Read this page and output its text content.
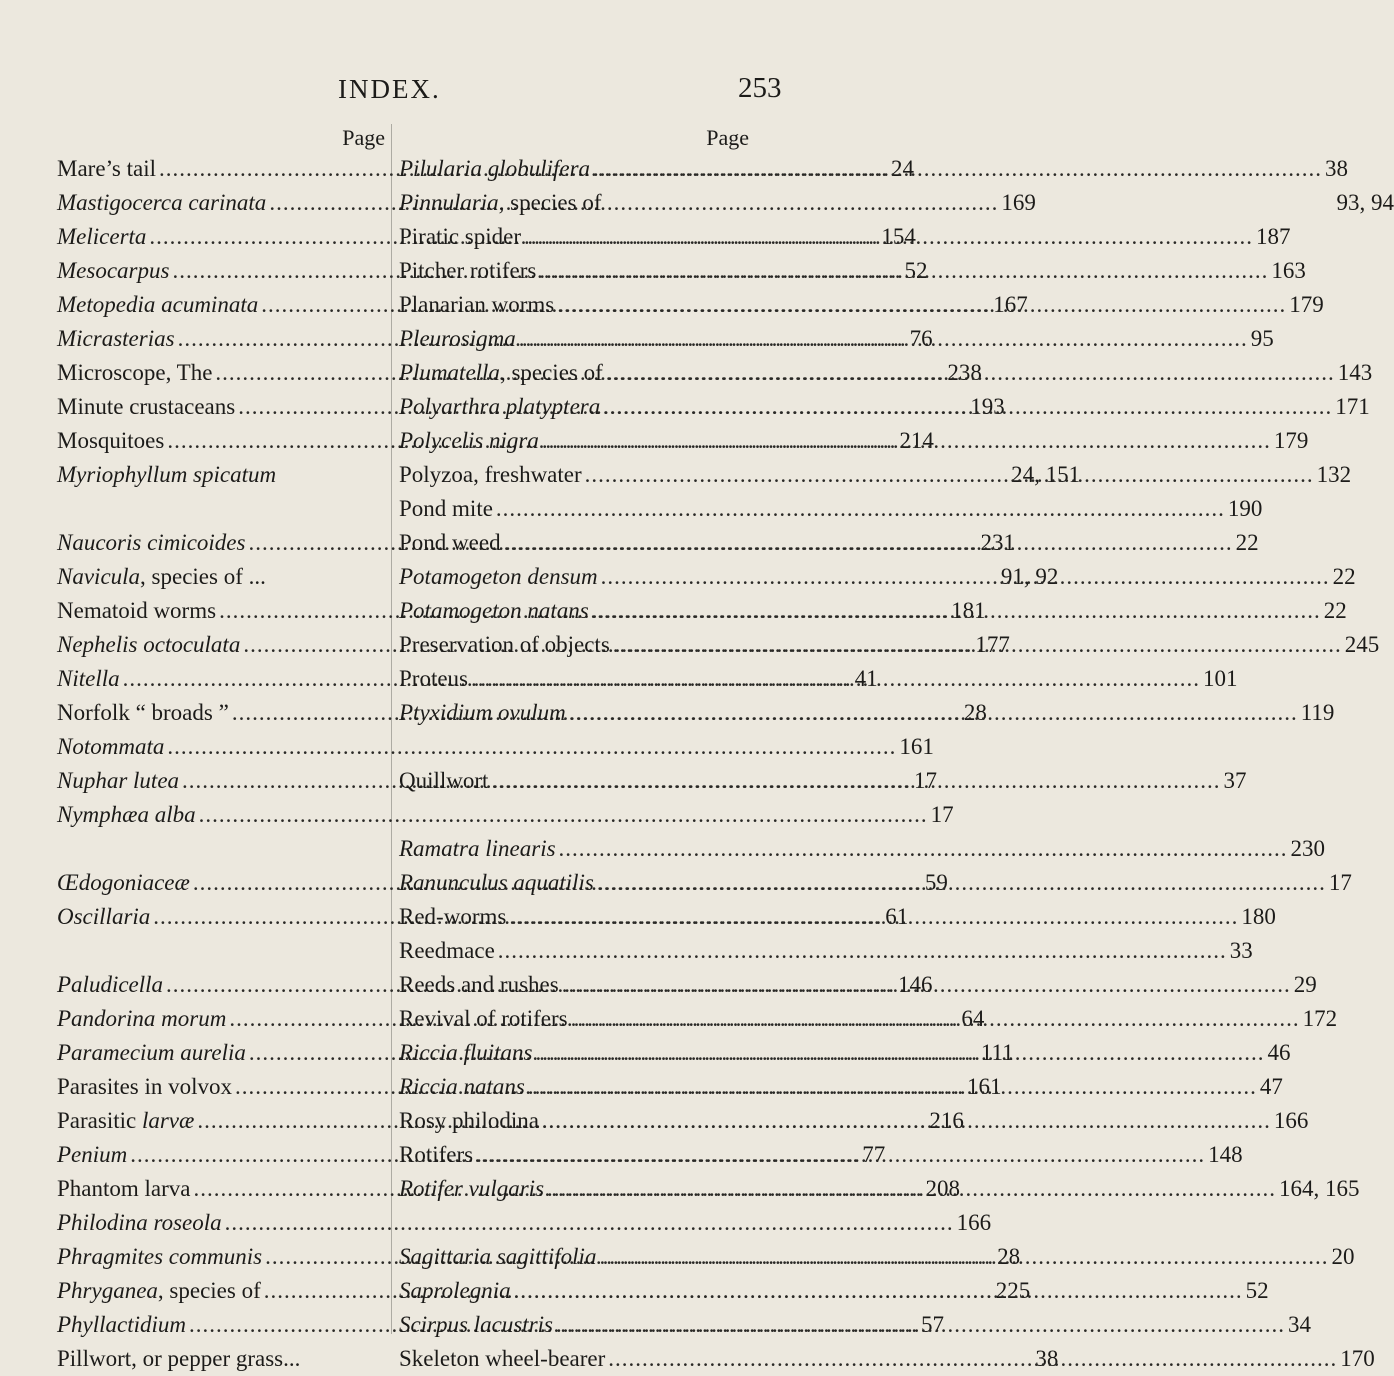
INDEX.	253
Page
Mare’s tail .....	24
Mastigocerca carinata .....	169
Melicerta .....	154
Mesocarpus .....	52
Metopedia acuminata .....	167
Micrasterias .....	76
Microscope, The .....	238
Minute crustaceans .....	193
Mosquitoes .....	214
Myriophyllum spicatum	24, 151
Naucoris cimicoides .....	231
Navicula, species of ...	91, 92
Nematoid worms .....	181
Nephelis octoculata .....	177
Nitella .....	41
Norfolk “ broads ” .....	28
Notommata .....	161
Nuphar lutea .....	17
Nymphæa alba .....	17
Œdogoniaceæ .....	59
Oscillaria .....	61
Paludicella .....	146
Pandorina morum .....	64
Paramecium aurelia .....	111
Parasites in volvox .....	161
Parasitic larvæ .....	216
Penium .....	77
Phantom larva .....	208
Philodina roseola .....	166
Phragmites communis .....	28
Phryganea, species of .....	225
Phyllactidium .....	57
Pillwort, or pepper grass...	38
Page
Pilularia globulifera .....	38
Pinnularia, species of	93, 94
Piratic spider .....	187
Pitcher rotifers .....	163
Planarian worms .....	179
Pleurosigma .....	95
Plumatella, species of .....	143
Polyarthra platyptera .....	171
Polycelis nigra .....	179
Polyzoa, freshwater .....	132
Pond mite .....	190
Pond weed .....	22
Potamogeton densum .....	22
Potamogeton natans .....	22
Preservation of objects .....	245
Proteus .....	101
Ptyxidium ovulum .....	119
Quillwort .....	37
Ramatra linearis .....	230
Ranunculus aquatilis .....	17
Red-worms .....	180
Reedmace .....	33
Reeds and rushes .....	29
Revival of rotifers .....	172
Riccia fluitans .....	46
Riccia natans .....	47
Rosy philodina .....	166
Rotifers .....	148
Rotifer vulgaris .....	164, 165
Sagittaria sagittifolia .....	20
Saprolegnia .....	52
Scirpus lacustris .....	34
Skeleton wheel-bearer .....	170
